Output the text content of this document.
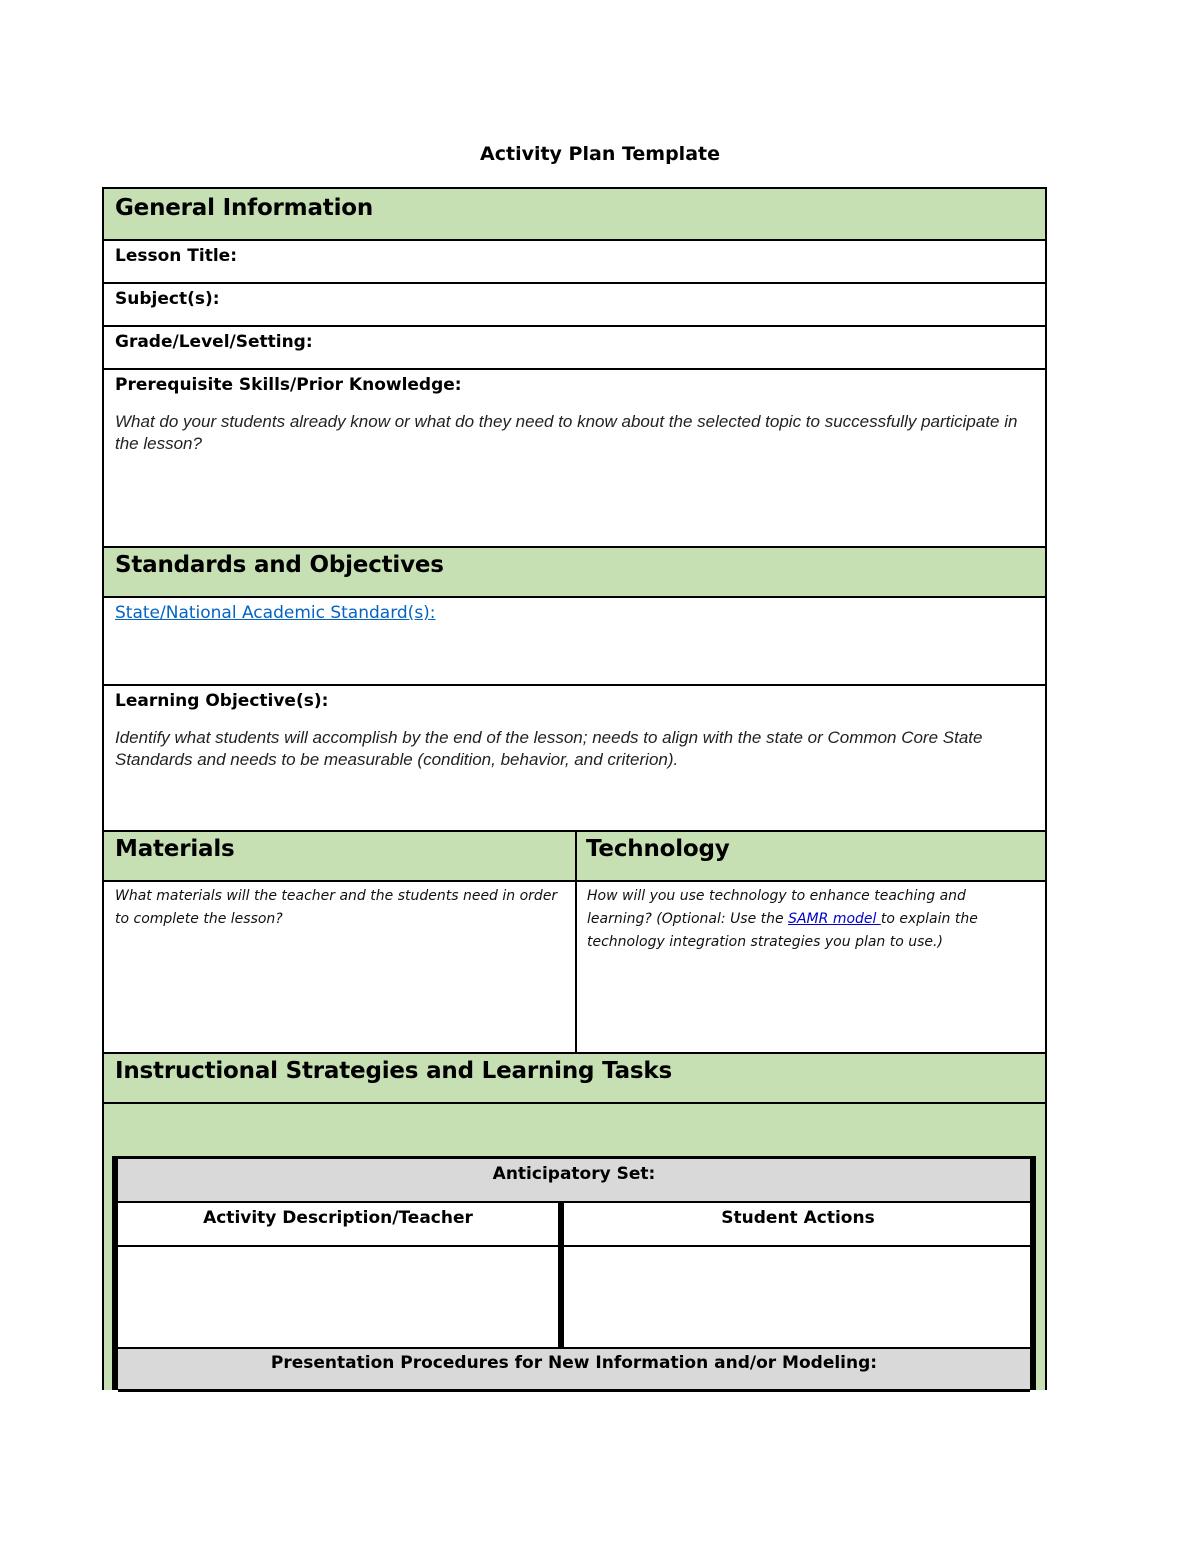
Activity Plan Template
General Information
Lesson Title:
Subject(s):
Grade/Level/Setting:
Prerequisite Skills/Prior Knowledge:
What do your students already know or what do they need to know about the selected topic to successfully participate in the lesson?
Standards and Objectives
State/National Academic Standard(s):
Learning Objective(s):
Identify what students will accomplish by the end of the lesson; needs to align with the state or Common Core State Standards and needs to be measurable (condition, behavior, and criterion).
Materials	Technology
What materials will the teacher and the students need in order to complete the lesson?
How will you use technology to enhance teaching and learning? (Optional: Use the SAMR model to explain the technology integration strategies you plan to use.)
Instructional Strategies and Learning Tasks
Anticipatory Set:
Activity Description/Teacher	Student Actions
Presentation Procedures for New Information and/or Modeling:
